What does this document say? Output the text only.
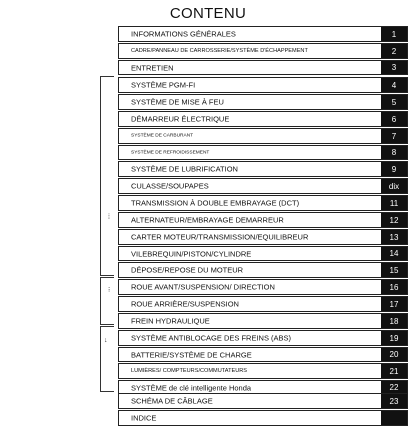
CONTENU
⁞
⁝
↓
INFORMATIONS GÉNÉRALES	1
CADRE/PANNEAU DE CARROSSERIE/SYSTÈME D'ÉCHAPPEMENT	2
ENTRETIEN	3
SYSTÈME PGM-FI	4
SYSTÈME DE MISE À FEU	5
DÉMARREUR ÉLECTRIQUE	6
SYSTÈME DE CARBURANT	7
SYSTÈME DE REFROIDISSEMENT	8
SYSTÈME DE LUBRIFICATION	9
CULASSE/SOUPAPES	dix
TRANSMISSION À DOUBLE EMBRAYAGE (DCT)	11
ALTERNATEUR/EMBRAYAGE DEMARREUR	12
CARTER MOTEUR/TRANSMISSION/EQUILIBREUR	13
VILEBREQUIN/PISTON/CYLINDRE	14
DÉPOSE/REPOSE DU MOTEUR	15
ROUE AVANT/SUSPENSION/ DIRECTION	16
ROUE ARRIÈRE/SUSPENSION	17
FREIN HYDRAULIQUE	18
SYSTÈME ANTIBLOCAGE DES FREINS (ABS)	19
BATTERIE/SYSTÈME DE CHARGE	20
LUMIÈRES/ COMPTEURS/COMMUTATEURS	21
SYSTÈME de clé intelligente Honda	22
SCHÉMA DE CÂBLAGE	23
INDICE
